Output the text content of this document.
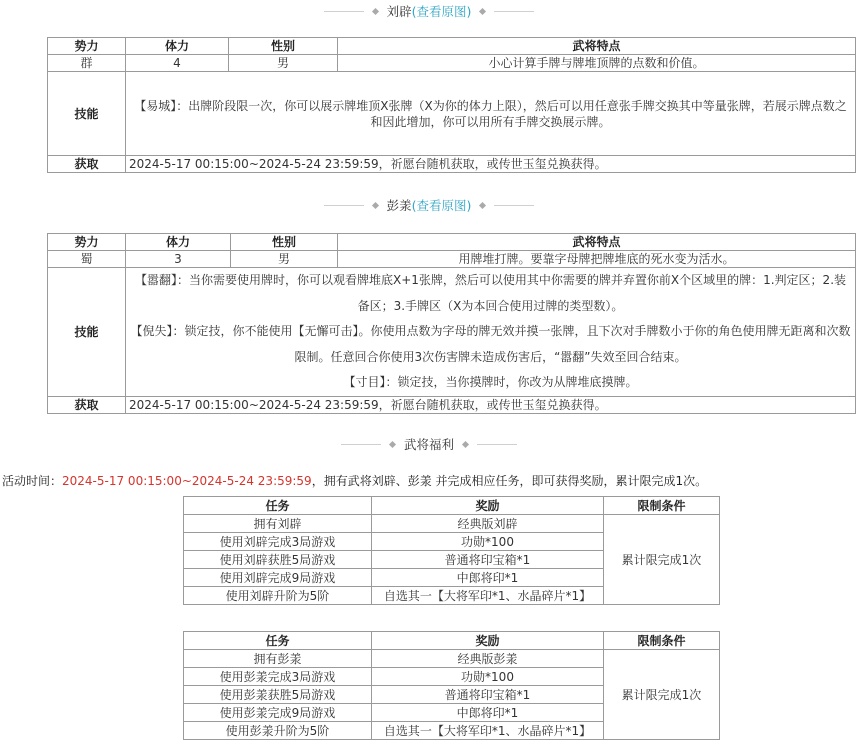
刘辟 (查看原图)
势力	体力	性别	武将特点
群	4	男	小心计算手牌与牌堆顶牌的点数和价值。
技能	【易城】：出牌阶段限一次，你可以展示牌堆顶X张牌（X为你的体力上限），然后可以用任意张手牌交换其中等量张牌，若展示牌点数之和因此增加，你可以用所有手牌交换展示牌。		

获取	2024-5-17 00:15:00~2024-5-24 23:59:59，祈愿台随机获取，或传世玉玺兑换获得。		
彭羕 (查看原图)
势力	体力	性别	武将特点
蜀	3	男	用牌堆打牌。要靠字母牌把牌堆底的死水变为活水。
技能	【嚣翻】：当你需要使用牌时，你可以观看牌堆底X+1张牌，然后可以使用其中你需要的牌并弃置你前X个区域里的牌：1.判定区；2.装备区；3.手牌区（X为本回合使用过牌的类型数）。

【倪失】：锁定技，你不能使用【无懈可击】。你使用点数为字母的牌无效并摸一张牌，且下次对手牌数小于你的角色使用牌无距离和次数限制。任意回合你使用3次伤害牌未造成伤害后，“嚣翻”失效至回合结束。

【寸目】：锁定技，当你摸牌时，你改为从牌堆底摸牌。		

获取	2024-5-17 00:15:00~2024-5-24 23:59:59，祈愿台随机获取，或传世玉玺兑换获得。		
武将福利
活动时间：2024-5-17 00:15:00~2024-5-24 23:59:59，拥有武将刘辟、彭羕 并完成相应任务，即可获得奖励，累计限完成1次。
任务	奖励	限制条件
拥有刘辟	经典版刘辟	累计限完成1次
使用刘辟完成3局游戏	功勋*100	
使用刘辟获胜5局游戏	普通将印宝箱*1	
使用刘辟完成9局游戏	中郎将印*1	
使用刘辟升阶为5阶	自选其一【大将军印*1、水晶碎片*1】	
任务	奖励	限制条件
拥有彭羕	经典版彭羕	累计限完成1次
使用彭羕完成3局游戏	功勋*100	
使用彭羕获胜5局游戏	普通将印宝箱*1	
使用彭羕完成9局游戏	中郎将印*1	
使用彭羕升阶为5阶	自选其一【大将军印*1、水晶碎片*1】	
